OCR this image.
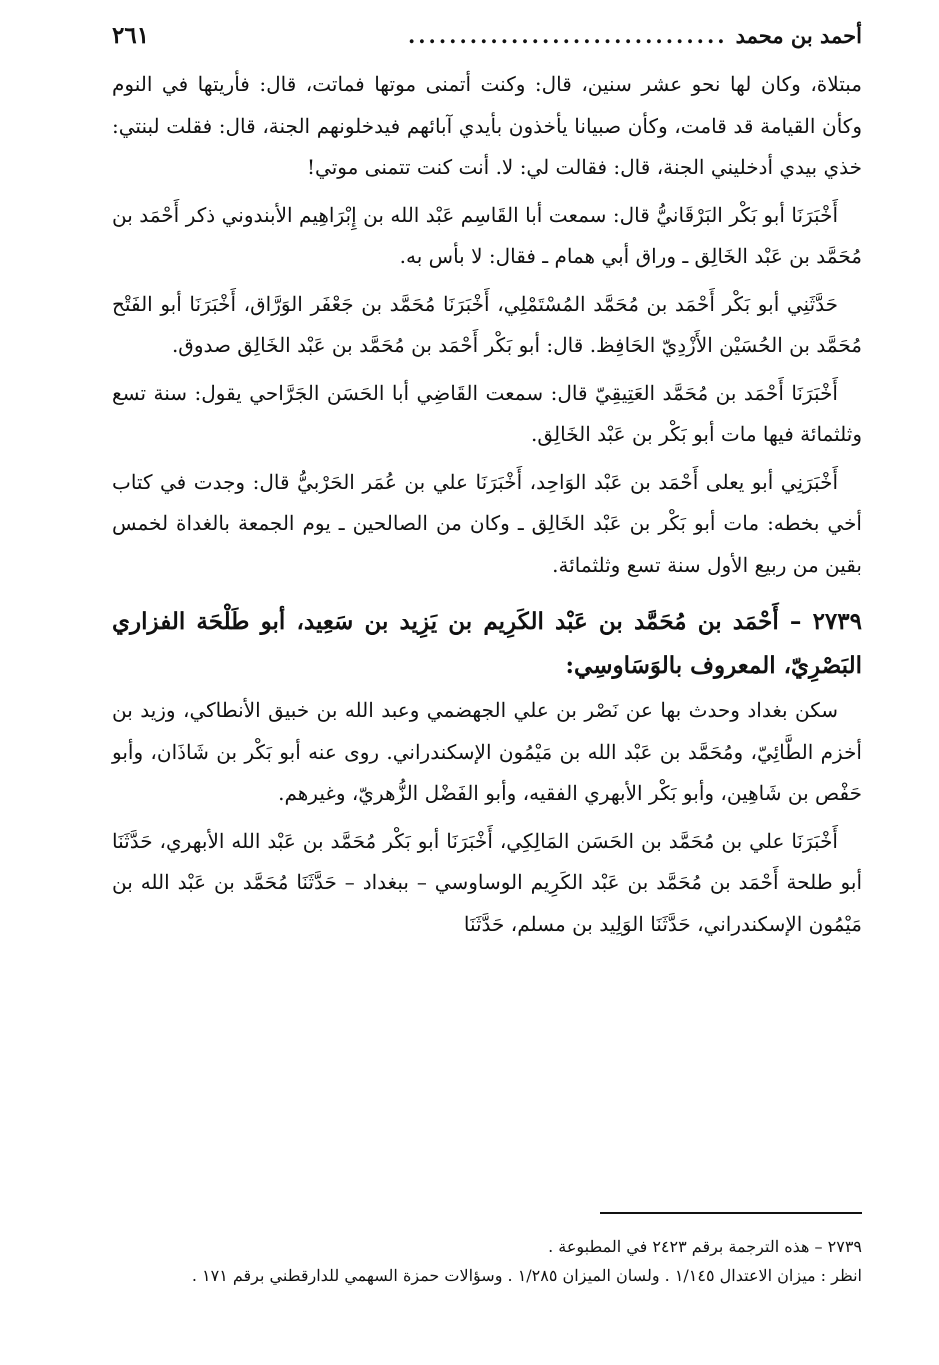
أحمد بن محمد
...............................
٢٦١

مبتلاة، وكان لها نحو عشر سنين، قال: وكنت أتمنى موتها فماتت، قال: فأريتها في النوم وكأن القيامة قد قامت، وكأن صبيانا يأخذون بأيدي آبائهم فيدخلونهم الجنة، قال: فقلت لبنتي: خذي بيدي أدخليني الجنة، قال: فقالت لي: لا. أنت كنت تتمنى موتي!

أَخْبَرَنَا أبو بَكْر البَرْقَانيُّ قال: سمعت أبا القَاسِم عَبْد الله بن إِبْرَاهِيم الأبندوني ذكر أَحْمَد بن مُحَمَّد بن عَبْد الخَالِق ـ وراق أبي همام ـ فقال: لا بأس به.

حَدَّثَنِي أبو بَكْر أَحْمَد بن مُحَمَّد المُسْتَمْلِي، أَخْبَرَنَا مُحَمَّد بن جَعْفَر الوَرَّاق، أَخْبَرَنَا أبو الفَتْح مُحَمَّد بن الحُسَيْن الأَزْدِيّ الحَافِظ. قال: أبو بَكْر أَحْمَد بن مُحَمَّد بن عَبْد الخَالِق صدوق.

أَخْبَرَنَا أَحْمَد بن مُحَمَّد العَتِيقِيّ قال: سمعت القَاضِي أبا الحَسَن الجَرَّاحي يقول: سنة تسع وثلثمائة فيها مات أبو بَكْر بن عَبْد الخَالِق.

أَخْبَرَنِي أبو يعلى أَحْمَد بن عَبْد الوَاحِد، أَخْبَرَنَا علي بن عُمَر الحَرْبيُّ قال: وجدت في كتاب أخي بخطه: مات أبو بَكْر بن عَبْد الخَالِق ـ وكان من الصالحين ـ يوم الجمعة بالغداة لخمس بقين من ربيع الأول سنة تسع وثلثمائة.

٢٧٣٩ – أَحْمَد بن مُحَمَّد بن عَبْد الكَرِيم بن يَزِيد بن سَعِيد، أبو طَلْحَة الفزاري البَصْرِيّ، المعروف بالوَسَاوسِي:

سكن بغداد وحدث بها عن نَصْر بن علي الجهضمي وعبد الله بن خبيق الأنطاكي، وزيد بن أخزم الطَّائِيّ، ومُحَمَّد بن عَبْد الله بن مَيْمُون الإسكندراني. روى عنه أبو بَكْر بن شَاذَان، وأبو حَفْص بن شَاهِين، وأبو بَكْر الأبهري الفقيه، وأبو الفَضْل الزُّهريّ، وغيرهم.

أَخْبَرَنَا علي بن مُحَمَّد بن الحَسَن المَالِكِي، أَخْبَرَنَا أبو بَكْر مُحَمَّد بن عَبْد الله الأبهري، حَدَّثَنَا أبو طلحة أَحْمَد بن مُحَمَّد بن عَبْد الكَرِيم الوساوسي – ببغداد – حَدَّثَنَا مُحَمَّد بن عَبْد الله بن مَيْمُون الإسكندراني، حَدَّثَنَا الوَلِيد بن مسلم، حَدَّثَنَا

٢٧٣٩ – هذه الترجمة برقم ٢٤٢٣ في المطبوعة .

انظر : ميزان الاعتدال ١/١٤٥ . ولسان الميزان ١/٢٨٥ . وسؤالات حمزة السهمي للدارقطني برقم ١٧١ .
